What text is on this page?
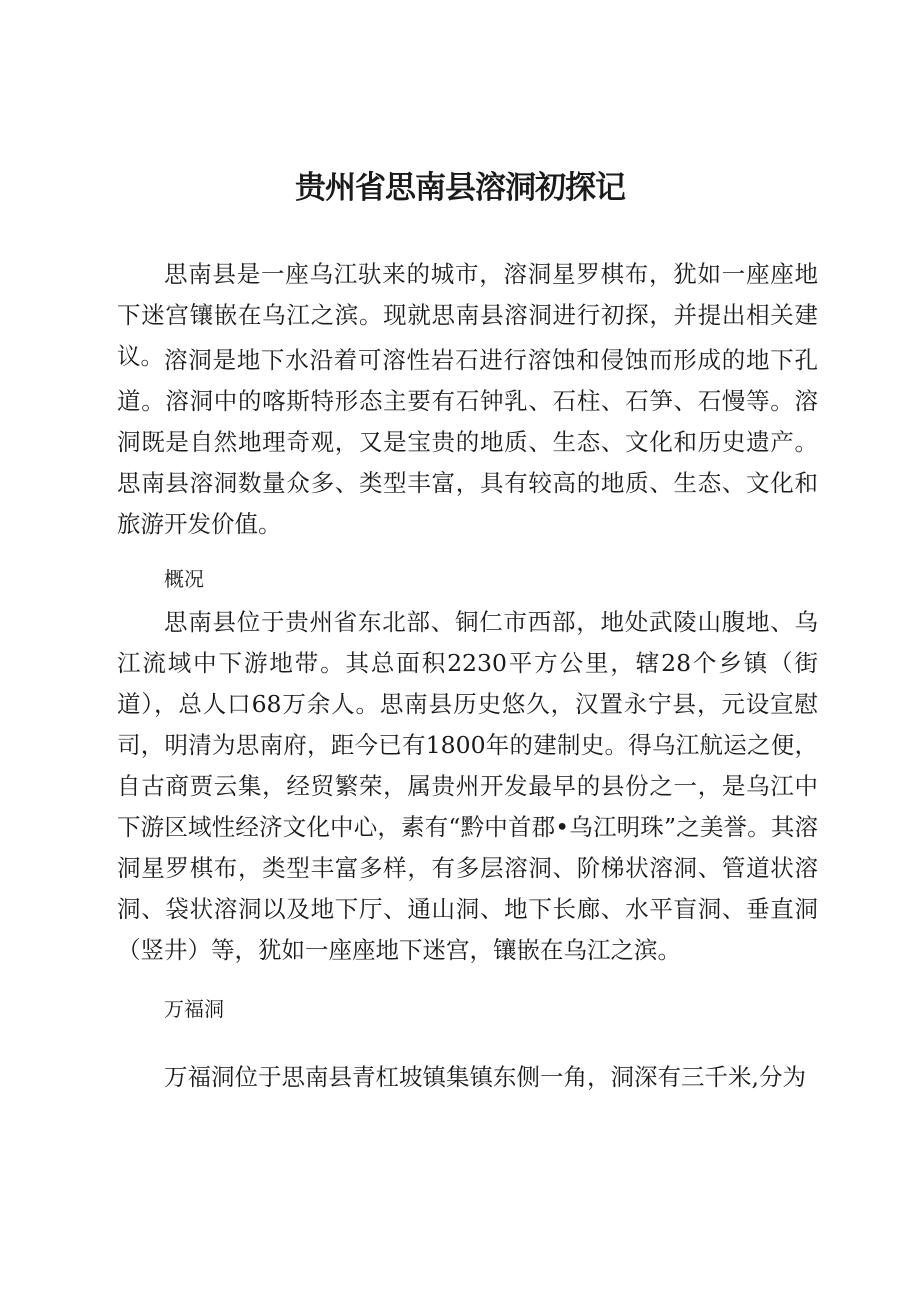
贵州省思南县溶洞初探记

思南县是一座乌江驮来的城市，溶洞星罗棋布，犹如一座座地下迷宫镶嵌在乌江之滨。现就思南县溶洞进行初探，并提出相关建议。 溶洞是地下水沿着可溶性岩石进行溶蚀和侵蚀而形成的地下孔道。溶洞中的喀斯特形态主要有石钟乳、石柱、石笋、石慢等。溶洞既是自然地理奇观，又是宝贵的地质、生态、文化和历史遗产。思南县溶洞数量众多、类型丰富，具有较高的地质、生态、文化和旅游开发价值。

概况

思南县位于贵州省东北部、铜仁市西部，地处武陵山腹地、乌江流域中下游地带。其总面积2230平方公里，辖28个乡镇（街道），总人口68万余人。思南县历史悠久，汉置永宁县，元设宣慰司，明清为思南府，距今已有1800年的建制史。得乌江航运之便，自古商贾云集，经贸繁荣，属贵州开发最早的县份之一，是乌江中下游区域性经济文化中心，素有“黔中首郡•乌江明珠”之美誉。其溶洞星罗棋布，类型丰富多样，有多层溶洞、阶梯状溶洞、管道状溶洞、袋状溶洞以及地下厅、通山洞、地下长廊、水平盲洞、垂直洞（竖井）等，犹如一座座地下迷宫，镶嵌在乌江之滨。

万福洞

万福洞位于思南县青杠坡镇集镇东侧一角，洞深有三千米,分为
